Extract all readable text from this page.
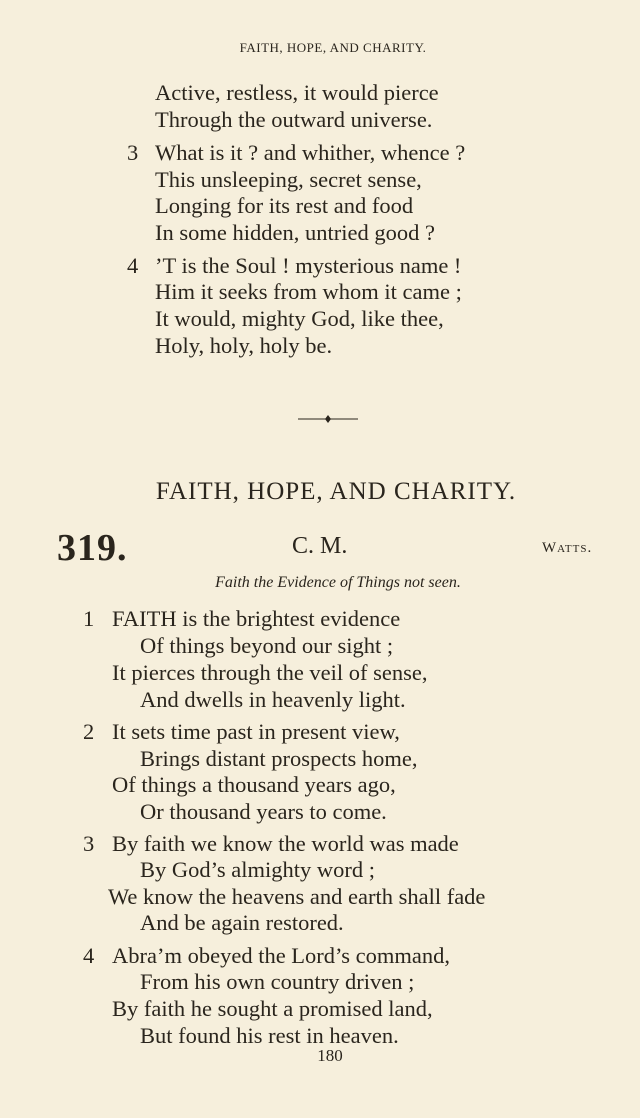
FAITH, HOPE, AND CHARITY.
Active, restless, it would pierce
Through the outward universe.
3 What is it ? and whither, whence ?
This unsleeping, secret sense,
Longing for its rest and food
In some hidden, untried good ?
4 ’T is the Soul ! mysterious name !
Him it seeks from whom it came ;
It would, mighty God, like thee,
Holy, holy, holy be.
FAITH, HOPE, AND CHARITY.
319.	C. M.	Watts.
Faith the Evidence of Things not seen.
1 FAITH is the brightest evidence
Of things beyond our sight ;
It pierces through the veil of sense,
And dwells in heavenly light.
2 It sets time past in present view,
Brings distant prospects home,
Of things a thousand years ago,
Or thousand years to come.
3 By faith we know the world was made
By God’s almighty word ;
We know the heavens and earth shall fade
And be again restored.
4 Abra’m obeyed the Lord’s command,
From his own country driven ;
By faith he sought a promised land,
But found his rest in heaven.
180
